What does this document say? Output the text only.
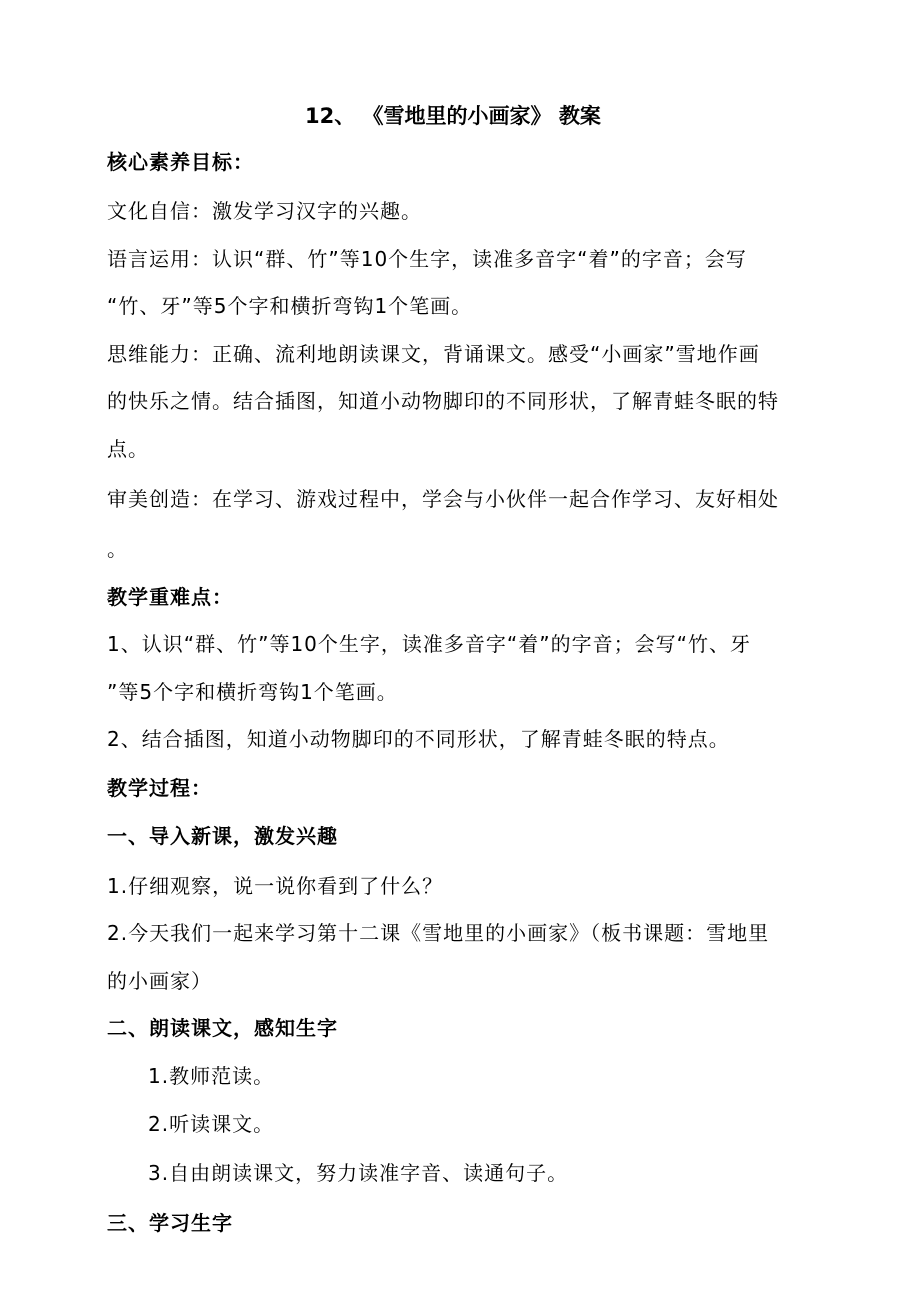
12、 《雪地里的小画家》 教案
核心素养目标：
文化自信：激发学习汉字的兴趣。
语言运用：认识“群、竹”等10个生字，读准多音字“着”的字音；会写
“竹、牙”等5个字和横折弯钩1个笔画。
思维能力：正确、流利地朗读课文，背诵课文。感受“小画家”雪地作画
的快乐之情。结合插图，知道小动物脚印的不同形状，了解青蛙冬眠的特
点。
审美创造：在学习、游戏过程中，学会与小伙伴一起合作学习、友好相处
。
教学重难点：
1、认识“群、竹”等10个生字，读准多音字“着”的字音；会写“竹、牙
”等5个字和横折弯钩1个笔画。
2、结合插图，知道小动物脚印的不同形状，了解青蛙冬眠的特点。
教学过程：
一、导入新课，激发兴趣
1.仔细观察，说一说你看到了什么？
2.今天我们一起来学习第十二课《雪地里的小画家》（板书课题：雪地里
的小画家）
二、朗读课文，感知生字
1.教师范读。
2.听读课文。
3.自由朗读课文，努力读准字音、读通句子。
三、学习生字
